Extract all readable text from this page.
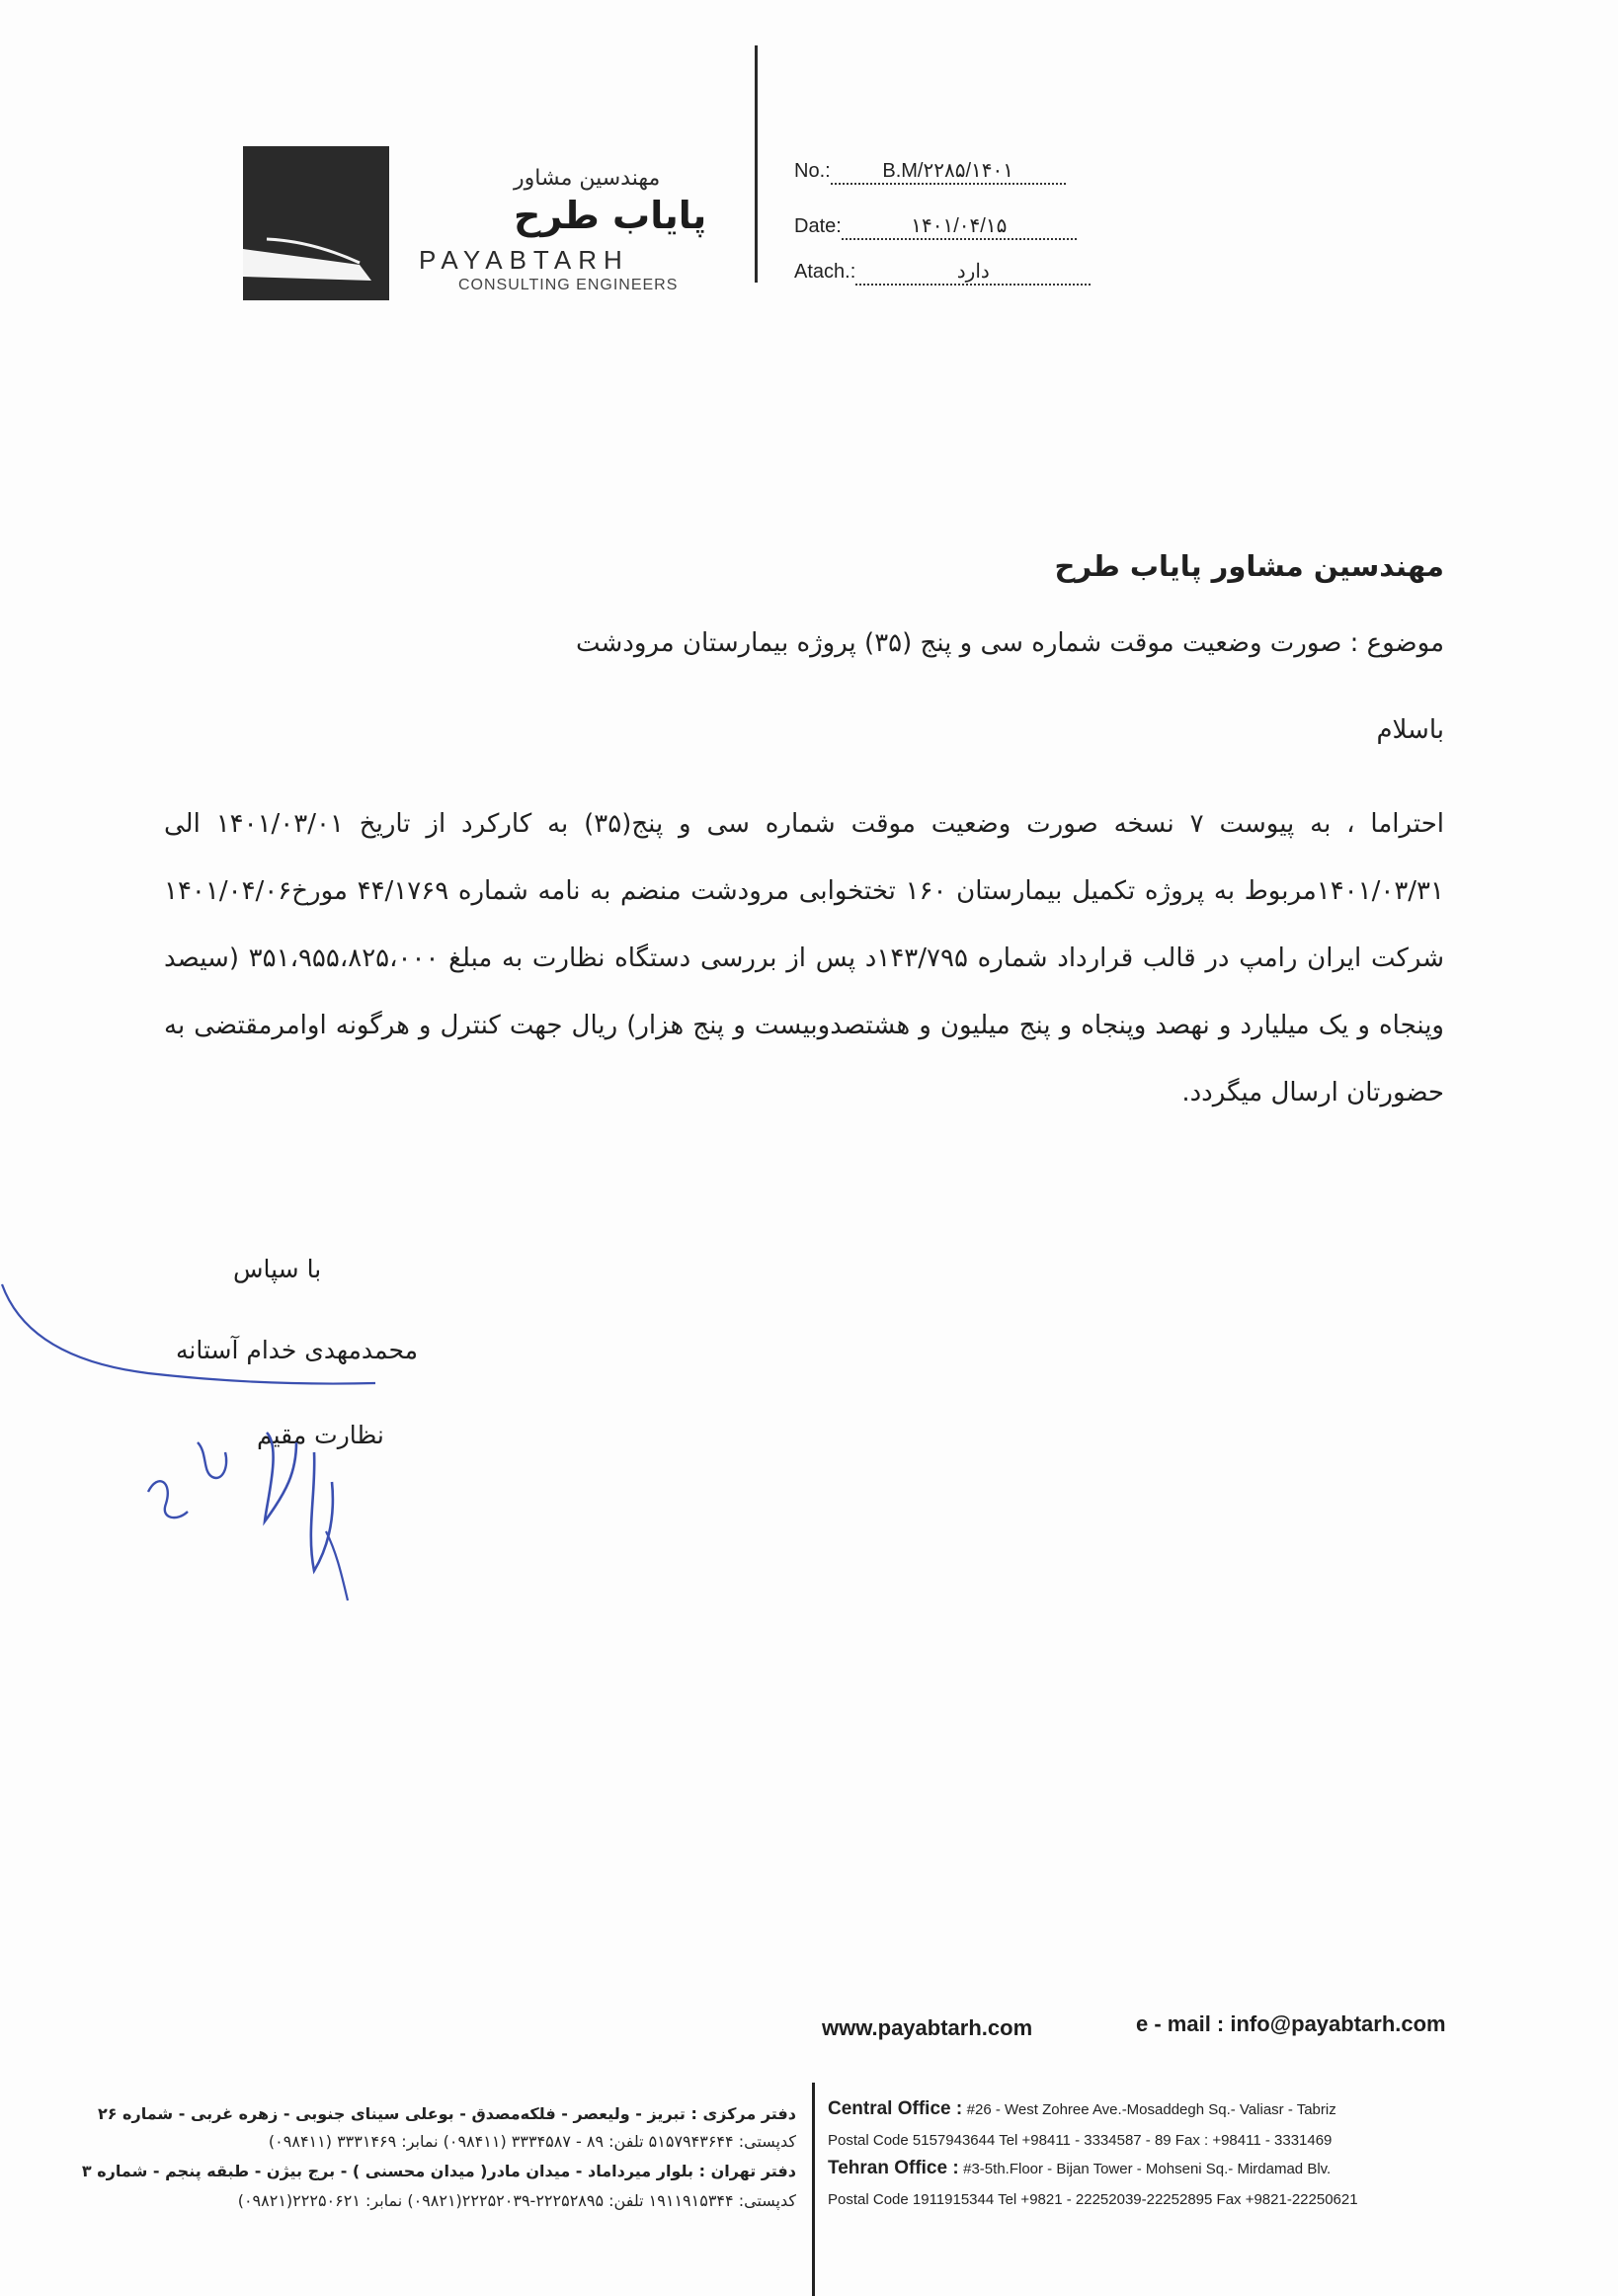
مهندسین مشاور
پایاب طرح
PAYABTARH
CONSULTING ENGINEERS
No.:	B.M/۲۲۸۵/۱۴۰۱
Date:	۱۴۰۱/۰۴/۱۵
Atach.:	دارد
مهندسین مشاور پایاب طرح
موضوع : صورت وضعیت موقت شماره سی و پنج (۳۵) پروژه بیمارستان مرودشت
باسلام
احتراما ، به پیوست ۷ نسخه صورت وضعیت موقت شماره سی و پنج(۳۵) به کارکرد از تاریخ ۱۴۰۱/۰۳/۰۱ الی ۱۴۰۱/۰۳/۳۱مربوط به پروژه تکمیل بیمارستان ۱۶۰ تختخوابی مرودشت منضم به نامه شماره ۴۴/۱۷۶۹ مورخ۱۴۰۱/۰۴/۰۶ شرکت ایران رامپ در قالب قرارداد شماره ۱۴۳/۷۹۵د پس از بررسی دستگاه نظارت به مبلغ ۳۵۱،۹۵۵،۸۲۵،۰۰۰ (سیصد وپنجاه و یک میلیارد و نهصد وپنجاه و پنج میلیون و هشتصدوبیست و پنج هزار) ریال جهت کنترل و هرگونه اوامرمقتضی به حضورتان ارسال میگردد.
با سپاس
محمدمهدی خدام آستانه
نظارت مقیم
www.payabtarh.com	e - mail : info@payabtarh.com
دفتر مرکزی : تبریز - ولیعصر - فلکه‌مصدق - بوعلی سینای جنوبی - زهره غربی - شماره ۲۶
کدپستی: ۵۱۵۷۹۴۳۶۴۴ تلفن: ۸۹ - ۳۳۳۴۵۸۷ (۰۹۸۴۱۱) نمابر: ۳۳۳۱۴۶۹ (۰۹۸۴۱۱)
دفتر تهران : بلوار میرداماد - میدان مادر( میدان محسنی ) - برج بیژن - طبقه پنجم - شماره ۳
کدپستی: ۱۹۱۱۹۱۵۳۴۴ تلفن: ۲۲۲۵۲۸۹۵-۲۲۲۵۲۰۳۹(۰۹۸۲۱) نمابر: ۲۲۲۵۰۶۲۱(۰۹۸۲۱)
Central Office : #26 - West Zohree Ave.-Mosaddegh Sq.- Valiasr - Tabriz
Postal Code 5157943644 Tel +98411 - 3334587 - 89 Fax : +98411 - 3331469
Tehran Office : #3-5th.Floor - Bijan Tower - Mohseni Sq.- Mirdamad Blv.
Postal Code 1911915344 Tel +9821 - 22252039-22252895 Fax +9821-22250621
